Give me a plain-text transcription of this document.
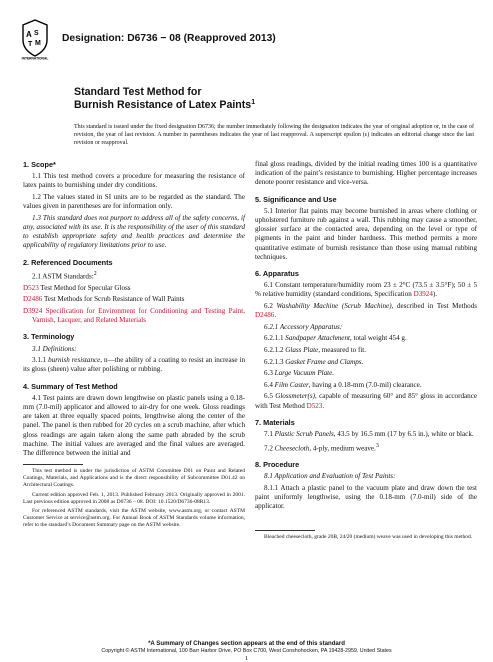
A S
T M
INTERNATIONAL
Designation: D6736 − 08 (Reapproved 2013)
Standard Test Method for
Burnish Resistance of Latex Paints$^1$
This standard is issued under the fixed designation D6736; the number immediately following the designation indicates the year of original adoption or, in the case of revision, the year of last revision. A number in parentheses indicates the year of last reapproval. A superscript epsilon (ε) indicates an editorial change since the last revision or reapproval.
1. Scope*

1.1 This test method covers a procedure for measuring the resistance of latex paints to burnishing under dry conditions.

1.2 The values stated in SI units are to be regarded as the standard. The values given in parentheses are for information only.

1.3 This standard does not purport to address all of the safety concerns, if any, associated with its use. It is the responsibility of the user of this standard to establish appropriate safety and health practices and determine the applicability of regulatory limitations prior to use.

2. Referenced Documents

2.1 ASTM Standards:$^2$

D523 Test Method for Specular Gloss

D2486 Test Methods for Scrub Resistance of Wall Paints

D3924 Specification for Environment for Conditioning and Testing Paint, Varnish, Lacquer, and Related Materials

3. Terminology

3.1 Definitions:

3.1.1 burnish resistance, n—the ability of a coating to resist an increase in its gloss (sheen) value after polishing or rubbing.

4. Summary of Test Method

4.1 Test paints are drawn down lengthwise on plastic panels using a 0.18-mm (7.0-mil) applicator and allowed to air-dry for one week. Gloss readings are taken at three equally spaced points, lengthwise along the center of the panel. The panel is then rubbed for 20 cycles on a scrub machine, after which gloss readings are again taken along the same path abraded by the scrub machine. The initial values are averaged and the final values are averaged. The difference between the initial and

This test method is under the jurisdiction of ASTM Committee D01 on Paint and Related Coatings, Materials, and Applications and is the direct responsibility of Subcommittee D01.42 on Architectural Coatings.

Current edition approved Feb. 1, 2013. Published February 2013. Originally approved in 2001. Last previous edition approved in 2008 as D6736 – 08. DOI: 10.1520/D6736-08R13.

For referenced ASTM standards, visit the ASTM website, www.astm.org, or contact ASTM Customer Service at service@astm.org. For Annual Book of ASTM Standards volume information, refer to the standard’s Document Summary page on the ASTM website.

final gloss readings, divided by the initial reading times 100 is a quantitative indication of the paint’s resistance to burnishing. Higher percentage increases denote poorer resistance and vice-versa.

5. Significance and Use

5.1 Interior flat paints may become burnished in areas where clothing or upholstered furniture rub against a wall. This rubbing may cause a smoother, glossier surface at the contacted area, depending on the level or type of pigments in the paint and binder hardness. This method permits a more quantitative estimate of burnish resistance than those using manual rubbing techniques.

6. Apparatus

6.1 Constant temperature/humidity room 23 ± 2°C (73.5 ± 3.5°F); 50 ± 5 % relative humidity (standard conditions, Specification D3924).

6.2 Washability Machine (Scrub Machine), described in Test Methods D2486.

6.2.1 Accessory Apparatus:

6.2.1.1 Sandpaper Attachment, total weight 454 g.

6.2.1.2 Glass Plate, measured to fit.

6.2.1.3 Gasket Frame and Clamps.

6.3 Large Vacuum Plate.

6.4 Film Caster, having a 0.18-mm (7.0-mil) clearance.

6.5 Glossmeter(s), capable of measuring 60° and 85° gloss in accordance with Test Method D523.

7. Materials

7.1 Plastic Scrub Panels, 43.5 by 16.5 mm (17 by 6.5 in.), white or black.

7.2 Cheesecloth, 4-ply, medium weave.$^3$

8. Procedure

8.1 Application and Evaluation of Test Paints:

8.1.1 Attach a plastic panel to the vacuum plate and draw down the test paint uniformly lengthwise, using the 0.18-mm (7.0-mil) side of the applicator.

Bleached cheesecloth, grade 20B, 24/20 (medium) weave was used in developing this method.

*A Summary of Changes section appears at the end of this standard
Copyright © ASTM International, 100 Barr Harbor Drive, PO Box C700, West Conshohocken, PA 19428-2959. United States
1
